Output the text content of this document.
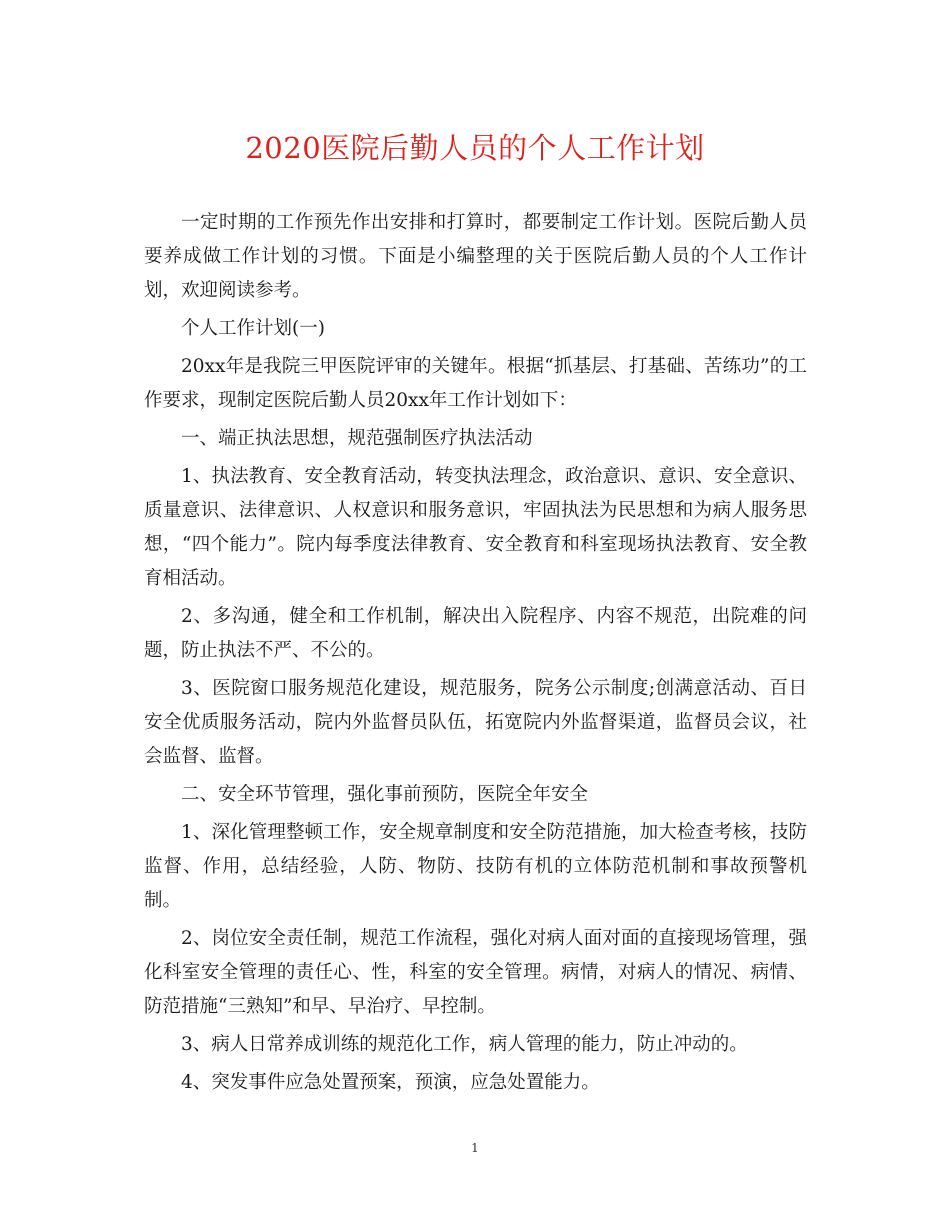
2020医院后勤人员的个人工作计划

一定时期的工作预先作出安排和打算时，都要制定工作计划。医院后勤人员要养成做工作计划的习惯。下面是小编整理的关于医院后勤人员的个人工作计划，欢迎阅读参考。

个人工作计划(一)

20xx年是我院三甲医院评审的关键年。根据“抓基层、打基础、苦练功”的工作要求，现制定医院后勤人员20xx年工作计划如下：

一、端正执法思想，规范强制医疗执法活动

1、执法教育、安全教育活动，转变执法理念，政治意识、意识、安全意识、质量意识、法律意识、人权意识和服务意识，牢固执法为民思想和为病人服务思想，“四个能力”。院内每季度法律教育、安全教育和科室现场执法教育、安全教育相活动。

2、多沟通，健全和工作机制，解决出入院程序、内容不规范，出院难的问题，防止执法不严、不公的。

3、医院窗口服务规范化建设，规范服务，院务公示制度;创满意活动、百日安全优质服务活动，院内外监督员队伍，拓宽院内外监督渠道，监督员会议，社会监督、监督。

二、安全环节管理，强化事前预防，医院全年安全

1、深化管理整顿工作，安全规章制度和安全防范措施，加大检查考核，技防监督、作用，总结经验，人防、物防、技防有机的立体防范机制和事故预警机制。

2、岗位安全责任制，规范工作流程，强化对病人面对面的直接现场管理，强化科室安全管理的责任心、性，科室的安全管理。病情，对病人的情况、病情、防范措施“三熟知”和早、早治疗、早控制。

3、病人日常养成训练的规范化工作，病人管理的能力，防止冲动的。

4、突发事件应急处置预案，预演，应急处置能力。

1
